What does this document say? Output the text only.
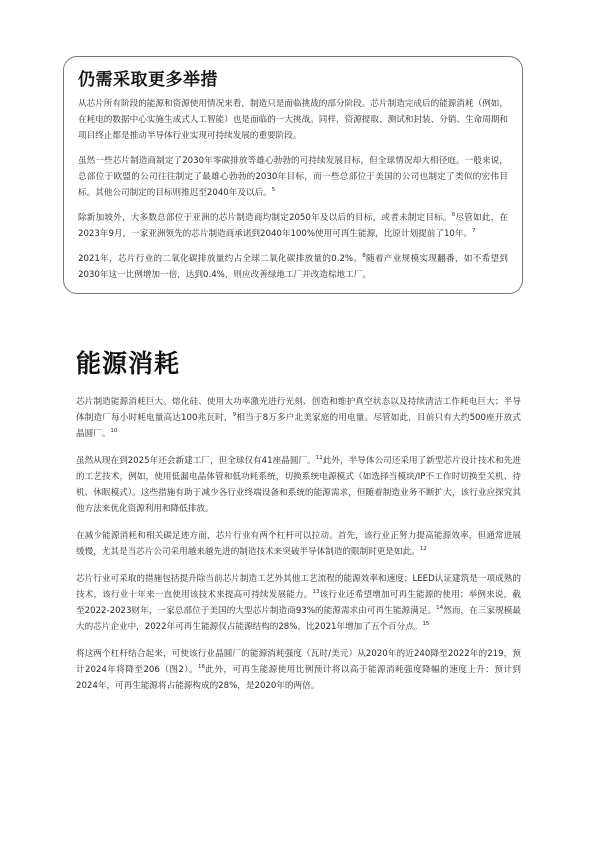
仍需采取更多举措

从芯片所有阶段的能源和资源使用情况来看，制造只是面临挑战的部分阶段。芯片制造完成后的能源消耗（例如，在耗电的数据中心实施生成式人工智能）也是面临的一大挑战。同样，资源提取、测试和封装、分销、生命周期和项目终止都是推动半导体行业实现可持续发展的重要阶段。

虽然一些芯片制造商制定了2030年零碳排放等雄心勃勃的可持续发展目标，但全球情况却大相径庭。一般来说，总部位于欧盟的公司往往制定了最雄心勃勃的2030年目标，而一些总部位于美国的公司也制定了类似的宏伟目标。其他公司制定的目标则推迟至2040年及以后。$^5$

除新加坡外，大多数总部位于亚洲的芯片制造商均制定2050年及以后的目标，或者未制定目标。$^6$尽管如此，在2023年9月，一家亚洲领先的芯片制造商承诺到2040年100%使用可再生能源，比原计划提前了10年。$^7$

2021年，芯片行业的二氧化碳排放量约占全球二氧化碳排放量的0.2%。$^8$随着产业规模实现翻番，如不希望到2030年这一比例增加一倍，达到0.4%，则应改善绿地工厂并改造棕地工厂。

能源消耗

芯片制造能源消耗巨大。熔化硅、使用大功率激光进行光刻、创造和维护真空状态以及持续清洁工作耗电巨大；半导体制造厂每小时耗电量高达100兆瓦时，$^9$相当于8万多户北美家庭的用电量。尽管如此，目前只有大约500座开放式晶圆厂。$^{10}$

虽然从现在到2025年还会新建工厂，但全球仅有41座晶圆厂。$^{11}$此外，半导体公司还采用了新型芯片设计技术和先进的工艺技术，例如，使用低漏电晶体管和低功耗系统，切换系统电源模式（如选择当模块/IP不工作时切换至关机、待机、休眠模式）。这些措施有助于减少各行业终端设备和系统的能源需求，但随着制造业务不断扩大，该行业应探究其他方法来优化资源利用和降低排放。

在减少能源消耗和相关碳足迹方面，芯片行业有两个杠杆可以拉动。首先，该行业正努力提高能源效率，但通常进展缓慢，尤其是当芯片公司采用越来越先进的制造技术来突破半导体制造的限制时更是如此。$^{12}$

芯片行业可采取的措施包括提升除当前芯片制造工艺外其他工艺流程的能源效率和速度；LEED认证建筑是一项成熟的技术，该行业十年来一直使用该技术来提高可持续发展能力。$^{13}$该行业还希望增加可再生能源的使用；举例来说，截至2022-2023财年，一家总部位于美国的大型芯片制造商93%的能源需求由可再生能源满足。$^{14}$然而，在三家规模最大的芯片企业中，2022年可再生能源仅占能源结构的28%，比2021年增加了五个百分点。$^{15}$

将这两个杠杆结合起来，可使该行业晶圆厂的能源消耗强度（瓦时/美元）从2020年的近240降至2022年的219，预计2024年将降至206（图2）。$^{16}$此外，可再生能源使用比例预计将以高于能源消耗强度降幅的速度上升：预计到2024年，可再生能源将占能源构成的28%，是2020年的两倍。
